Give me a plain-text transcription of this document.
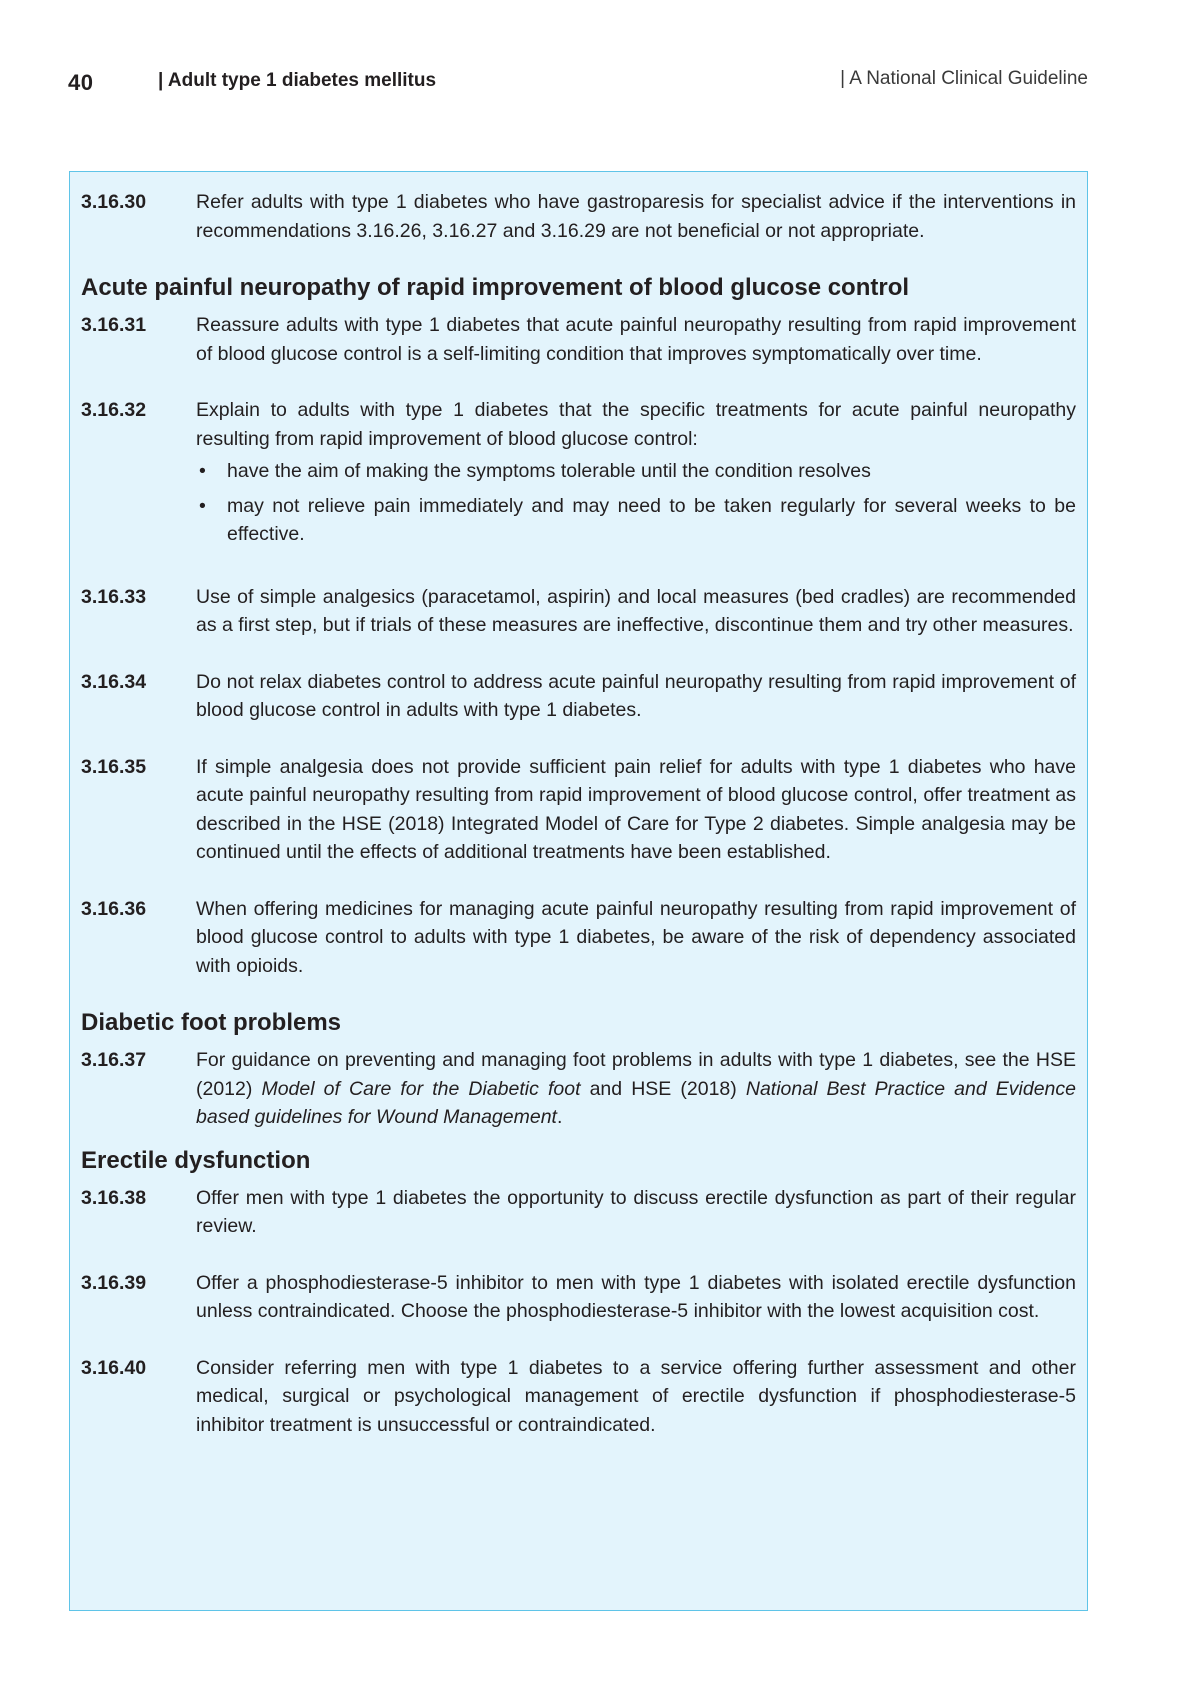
40	| Adult type 1 diabetes mellitus	| A National Clinical Guideline
3.16.30	Refer adults with type 1 diabetes who have gastroparesis for specialist advice if the interventions in recommendations 3.16.26, 3.16.27 and 3.16.29 are not beneficial or not appropriate.
Acute painful neuropathy of rapid improvement of blood glucose control
3.16.31	Reassure adults with type 1 diabetes that acute painful neuropathy resulting from rapid improvement of blood glucose control is a self-limiting condition that improves symptomatically over time.
3.16.32	Explain to adults with type 1 diabetes that the specific treatments for acute painful neuropathy resulting from rapid improvement of blood glucose control:
• have the aim of making the symptoms tolerable until the condition resolves
• may not relieve pain immediately and may need to be taken regularly for several weeks to be effective.
3.16.33	Use of simple analgesics (paracetamol, aspirin) and local measures (bed cradles) are recommended as a first step, but if trials of these measures are ineffective, discontinue them and try other measures.
3.16.34	Do not relax diabetes control to address acute painful neuropathy resulting from rapid improvement of blood glucose control in adults with type 1 diabetes.
3.16.35	If simple analgesia does not provide sufficient pain relief for adults with type 1 diabetes who have acute painful neuropathy resulting from rapid improvement of blood glucose control, offer treatment as described in the HSE (2018) Integrated Model of Care for Type 2 diabetes. Simple analgesia may be continued until the effects of additional treatments have been established.
3.16.36	When offering medicines for managing acute painful neuropathy resulting from rapid improvement of blood glucose control to adults with type 1 diabetes, be aware of the risk of dependency associated with opioids.
Diabetic foot problems
3.16.37	For guidance on preventing and managing foot problems in adults with type 1 diabetes, see the HSE (2012) Model of Care for the Diabetic foot and HSE (2018) National Best Practice and Evidence based guidelines for Wound Management.
Erectile dysfunction
3.16.38	Offer men with type 1 diabetes the opportunity to discuss erectile dysfunction as part of their regular review.
3.16.39	Offer a phosphodiesterase-5 inhibitor to men with type 1 diabetes with isolated erectile dysfunction unless contraindicated. Choose the phosphodiesterase-5 inhibitor with the lowest acquisition cost.
3.16.40	Consider referring men with type 1 diabetes to a service offering further assessment and other medical, surgical or psychological management of erectile dysfunction if phosphodiesterase-5 inhibitor treatment is unsuccessful or contraindicated.
